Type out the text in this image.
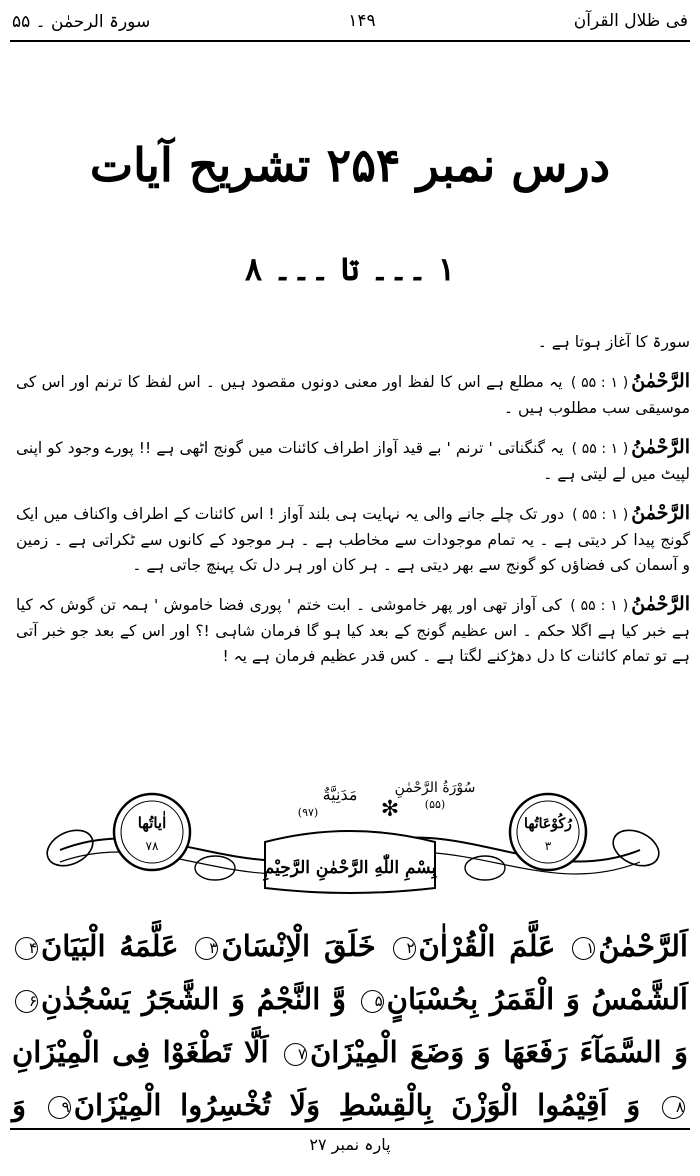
فی ظلال القرآن
۱۴۹
سورۃ الرحمٰن ۔ ۵۵
درس نمبر ۲۵۴ تشریح آیات
۱ ۔۔۔ تا ۔۔۔ ۸

سورۃ کا آغاز ہوتا ہے ۔

الرَّحْمٰنُ( ۵۵ : ۱ ) یہ مطلع ہے اس کا لفظ اور معنی دونوں مقصود ہیں ۔ اس لفظ کا ترنم اور اس کی موسیقی سب مطلوب ہیں ۔

الرَّحْمٰنُ( ۵۵ : ۱ ) یہ گنگناتی ' ترنم ' بے قید آواز اطراف کائنات میں گونج اٹھی ہے !! پورے وجود کو اپنی لپیٹ میں لے لیتی ہے ۔

الرَّحْمٰنُ( ۵۵ : ۱ ) دور تک چلے جانے والی یہ نہایت ہی بلند آواز ! اس کائنات کے اطراف واکناف میں ایک گونج پیدا کر دیتی ہے ۔ یہ تمام موجودات سے مخاطب ہے ۔ ہر موجود کے کانوں سے ٹکراتی ہے ۔ زمین و آسمان کی فضاؤں کو گونج سے بھر دیتی ہے ۔ ہر کان اور ہر دل تک پہنچ جاتی ہے ۔

الرَّحْمٰنُ( ۵۵ : ۱ ) کی آواز تھی اور پھر خاموشی ۔ ابت ختم ' پوری فضا خاموش ' ہمہ تن گوش کہ کیا ہے خبر کیا ہے اگلا حکم ۔ اس عظیم گونج کے بعد کیا ہو گا فرمان شاہی !؟ اور اس کے بعد جو خبر آتی ہے تو تمام کائنات کا دل دھڑکنے لگتا ہے ۔ کس قدر عظیم فرمان ہے یہ !

✻
اٰیاتُھا
۷۸
رُكُوْعَاتُھا
۳
سُوْرَةُ الرَّحْمٰنِ
(۵۵)
مَدَنِيَّةٌ
(۹۷)
بِسْمِ اللّٰهِ الرَّحْمٰنِ الرَّحِيْمِ
اَلرَّحْمٰنُ۱ عَلَّمَ الْقُرْاٰنَ۲ خَلَقَ الْاِنْسَانَ۳ عَلَّمَهُ الْبَيَانَ۴ اَلشَّمْسُ وَ الْقَمَرُ بِحُسْبَانٍ۵ وَّ النَّجْمُ وَ الشَّجَرُ يَسْجُدٰنِ۶ وَ السَّمَآءَ رَفَعَهَا وَ وَضَعَ الْمِيْزَانَ۷ اَلَّا تَطْغَوْا فِى الْمِيْزَانِ۸ وَ اَقِيْمُوا الْوَزْنَ بِالْقِسْطِ وَلَا تُخْسِرُوا الْمِيْزَانَ۹ وَ
پارہ نمبر ۲۷
